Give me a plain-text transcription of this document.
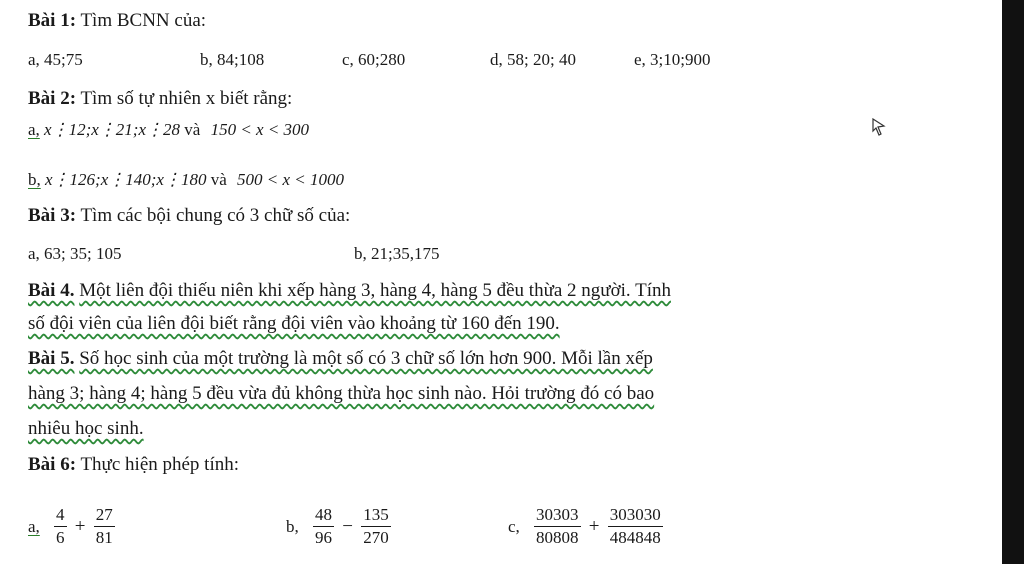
Bài 1: Tìm BCNN của:
a, 45;75	b, 84;108	c, 60;280	d, 58; 20; 40	e, 3;10;900
Bài 2: Tìm số tự nhiên x biết rằng:
a, x⋮12;x⋮21;x⋮28 và 150 < x < 300
b, x⋮126;x⋮140;x⋮180 và 500 < x < 1000
Bài 3: Tìm các bội chung có 3 chữ số của:
a, 63; 35; 105	b, 21;35,175
Bài 4. Một liên đội thiếu niên khi xếp hàng 3, hàng 4, hàng 5 đều thừa 2 người. Tính
số đội viên của liên đội biết rằng đội viên vào khoảng từ 160 đến 190.
Bài 5. Số học sinh của một trường là một số có 3 chữ số lớn hơn 900. Mỗi lần xếp
hàng 3; hàng 4; hàng 5 đều vừa đủ không thừa học sinh nào. Hỏi trường đó có bao
nhiêu học sinh.
Bài 6: Thực hiện phép tính:
a, $\frac{4}{6} + \frac{27}{81}$	b, $\frac{48}{96} - \frac{135}{270}$	c, $\frac{30303}{80808} + \frac{303030}{484848}$
